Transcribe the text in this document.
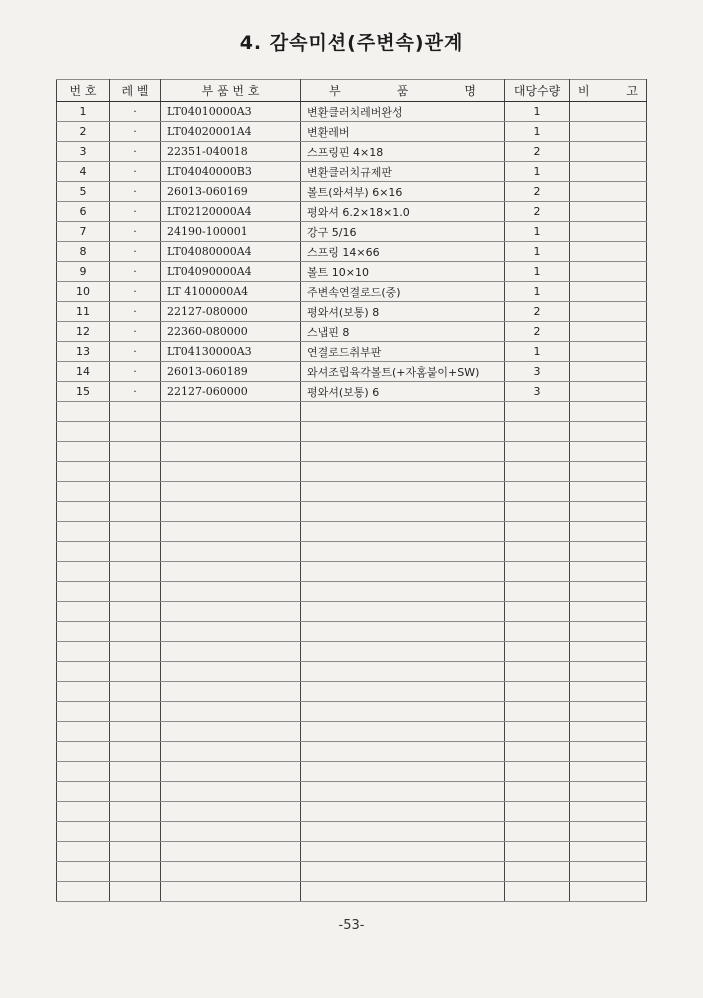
4. 감속미션(주변속)관계
번 호	레 벨	부 품 번 호	부 품 명	대당수량	비 고

1	·	LT04010000A3	변환클러치레버완성	1	
2	·	LT04020001A4	변환레버	1	
3	·	22351-040018	스프링핀 4×18	2	
4	·	LT04040000B3	변환클러치규제판	1	
5	·	26013-060169	볼트(와셔부) 6×16	2	
6	·	LT02120000A4	평와셔 6.2×18×1.0	2	
7	·	24190-100001	강구 5/16	1	
8	·	LT04080000A4	스프링 14×66	1	
9	·	LT04090000A4	볼트 10×10	1	
10	·	LT 4100000A4	주변속연결로드(중)	1	
11	·	22127-080000	평와셔(보통) 8	2	
12	·	22360-080000	스냅핀 8	2	
13	·	LT04130000A3	연결로드취부판	1	
14	·	26013-060189	와셔조립육각볼트(+자홈붙이+SW)	3	
15	·	22127-060000	평와셔(보통) 6	3	

-53-
